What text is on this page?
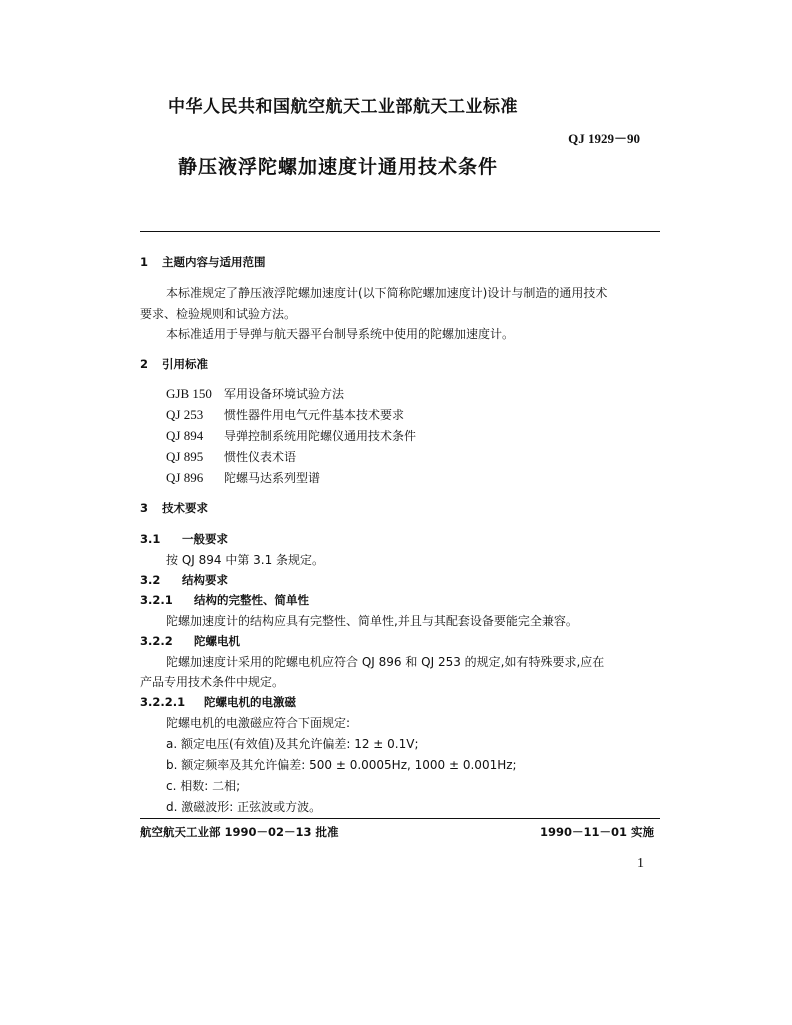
中华人民共和国航空航天工业部航天工业标准
QJ 1929－90
静压液浮陀螺加速度计通用技术条件
1 主题内容与适用范围
本标准规定了静压液浮陀螺加速度计(以下简称陀螺加速度计)设计与制造的通用技术
要求、检验规则和试验方法。
本标准适用于导弹与航天器平台制导系统中使用的陀螺加速度计。
2 引用标准
GJB 150 军用设备环境试验方法
QJ 253 惯性器件用电气元件基本技术要求
QJ 894 导弹控制系统用陀螺仪通用技术条件
QJ 895 惯性仪表术语
QJ 896 陀螺马达系列型谱
3 技术要求
3.1 一般要求
按 QJ 894 中第 3.1 条规定。
3.2 结构要求
3.2.1 结构的完整性、简单性
陀螺加速度计的结构应具有完整性、简单性,并且与其配套设备要能完全兼容。
3.2.2 陀螺电机
陀螺加速度计采用的陀螺电机应符合 QJ 896 和 QJ 253 的规定,如有特殊要求,应在
产品专用技术条件中规定。
3.2.2.1 陀螺电机的电激磁
陀螺电机的电激磁应符合下面规定:
a. 额定电压(有效值)及其允许偏差: 12 ± 0.1V;
b. 额定频率及其允许偏差: 500 ± 0.0005Hz, 1000 ± 0.001Hz;
c. 相数: 二相;
d. 激磁波形: 正弦波或方波。
航空航天工业部 1990－02－13 批准	1990－11－01 实施
1
